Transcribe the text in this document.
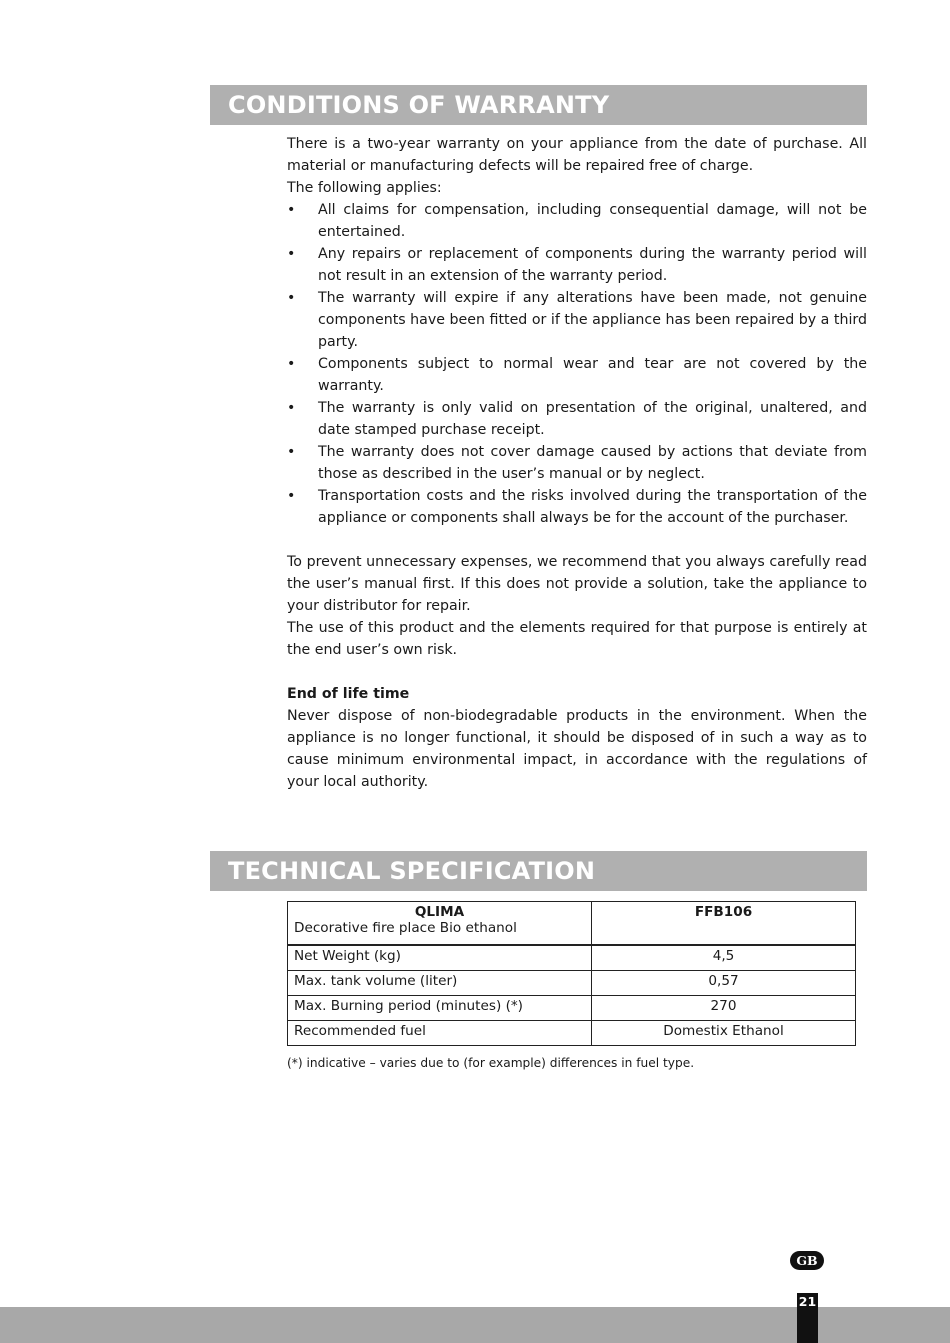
CONDITIONS OF WARRANTY

There is a two-year warranty on your appliance from the date of purchase. All material or manufacturing defects will be repaired free of charge.

The following applies:

• All claims for compensation, including consequential damage, will not be entertained.
• Any repairs or replacement of components during the warranty period will not result in an extension of the warranty period.
• The warranty will expire if any alterations have been made, not genuine components have been fitted or if the appliance has been repaired by a third party.
• Components subject to normal wear and tear are not covered by the warranty.
• The warranty is only valid on presentation of the original, unaltered, and date stamped purchase receipt.
• The warranty does not cover damage caused by actions that deviate from those as described in the user’s manual or by neglect.
• Transportation costs and the risks involved during the transportation of the appliance or components shall always be for the account of the purchaser.

To prevent unnecessary expenses, we recommend that you always carefully read the user’s manual first. If this does not provide a solution, take the appliance to your distributor for repair.

The use of this product and the elements required for that purpose is entirely at the end user’s own risk.

End of life time

Never dispose of non-biodegradable products in the environment. When the appliance is no longer functional, it should be disposed of in such a way as to cause minimum environmental impact, in accordance with the regulations of your local authority.

TECHNICAL SPECIFICATION
QLIMA
Decorative fire place Bio ethanol	FFB106
Net Weight (kg)	4,5
Max. tank volume (liter)	0,57
Max. Burning period (minutes) (*)	270
Recommended fuel	Domestix Ethanol
(*) indicative – varies due to (for example) differences in fuel type.
GB
21
